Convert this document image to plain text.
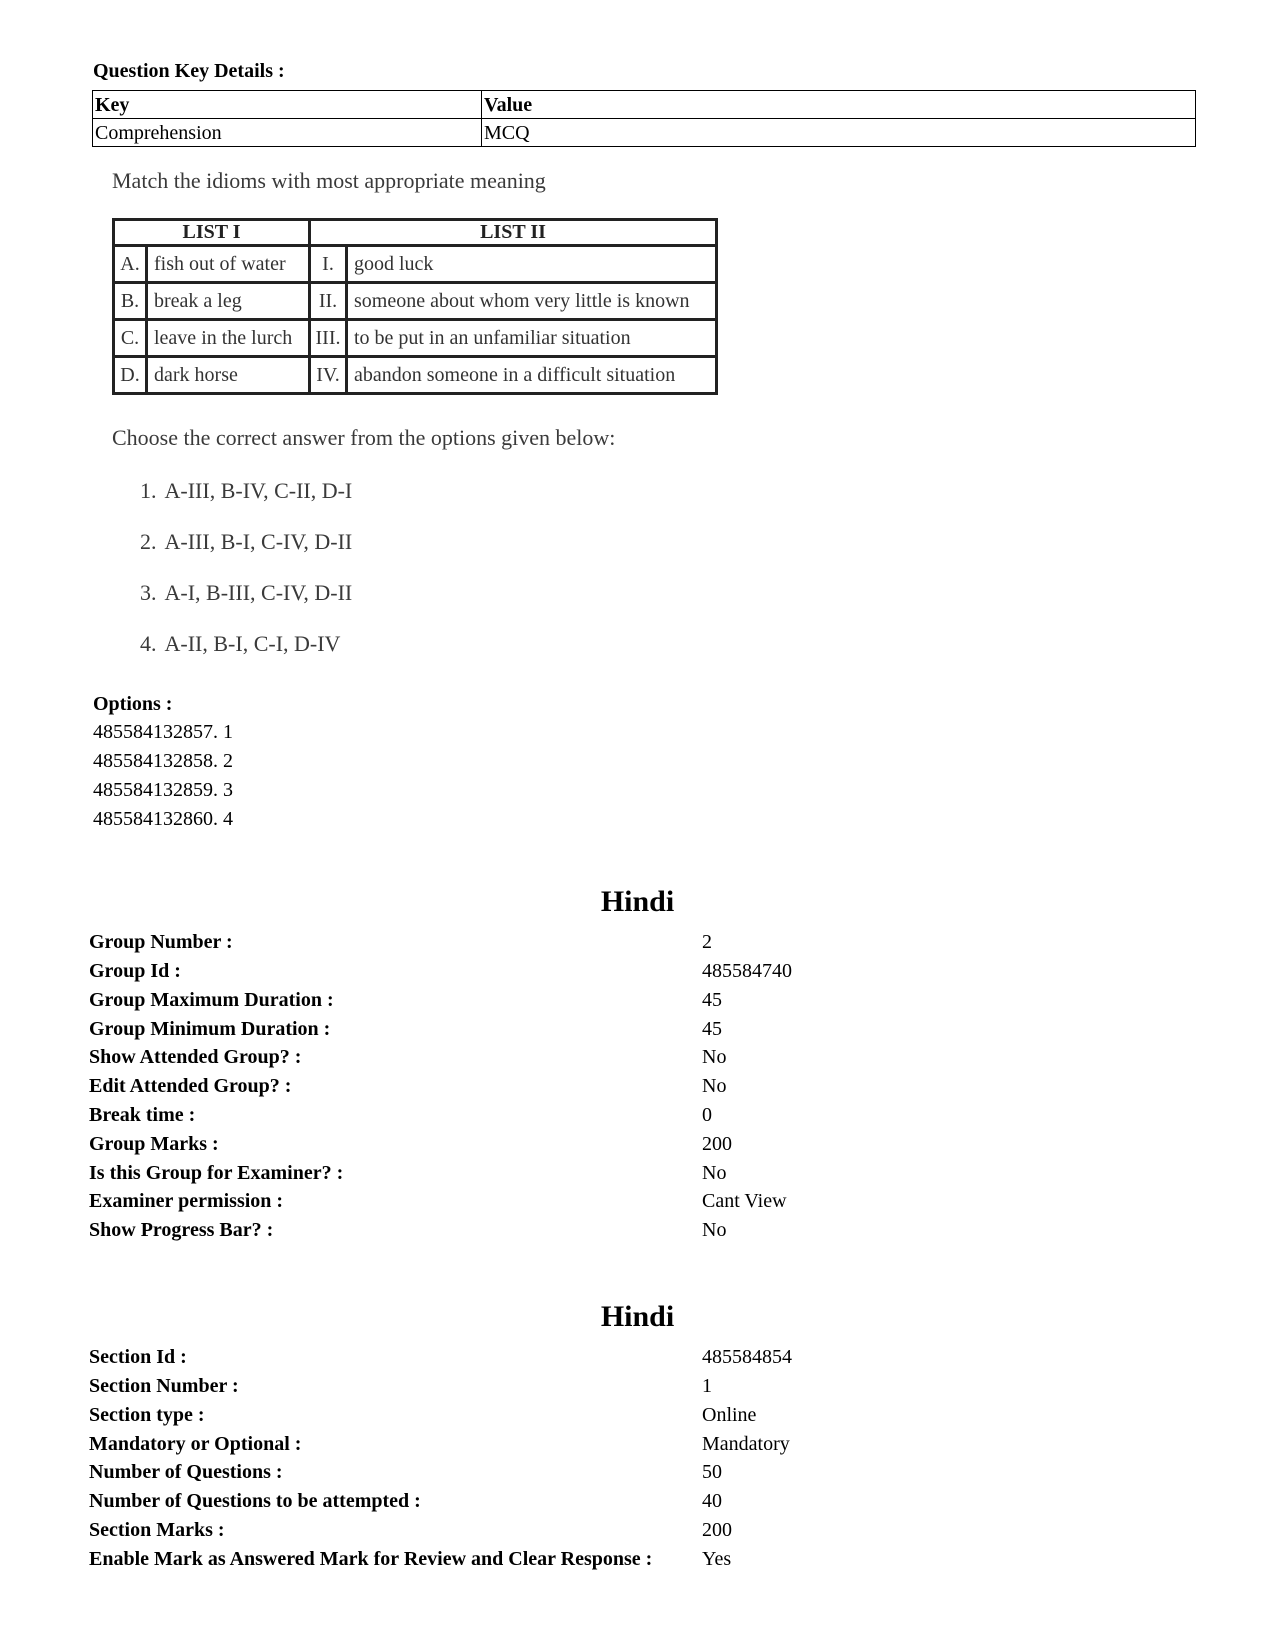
Question Key Details :
Key	Value
Comprehension	MCQ
Match the idioms with most appropriate meaning
LIST I		LIST II	
A.	fish out of water	I.	good luck
B.	break a leg	II.	someone about whom very little is known
C.	leave in the lurch	III.	to be put in an unfamiliar situation
D.	dark horse	IV.	abandon someone in a difficult situation
Choose the correct answer from the options given below:
1. A-III, B-IV, C-II, D-I
2. A-III, B-I, C-IV, D-II
3. A-I, B-III, C-IV, D-II
4. A-II, B-I, C-I, D-IV
Options :
485584132857. 1
485584132858. 2
485584132859. 3
485584132860. 4
Hindi
Group Number :	2
Group Id :	485584740
Group Maximum Duration :	45
Group Minimum Duration :	45
Show Attended Group? :	No
Edit Attended Group? :	No
Break time :	0
Group Marks :	200
Is this Group for Examiner? :	No
Examiner permission :	Cant View
Show Progress Bar? :	No
Hindi
Section Id :	485584854
Section Number :	1
Section type :	Online
Mandatory or Optional :	Mandatory
Number of Questions :	50
Number of Questions to be attempted :	40
Section Marks :	200
Enable Mark as Answered Mark for Review and Clear Response : Yes
